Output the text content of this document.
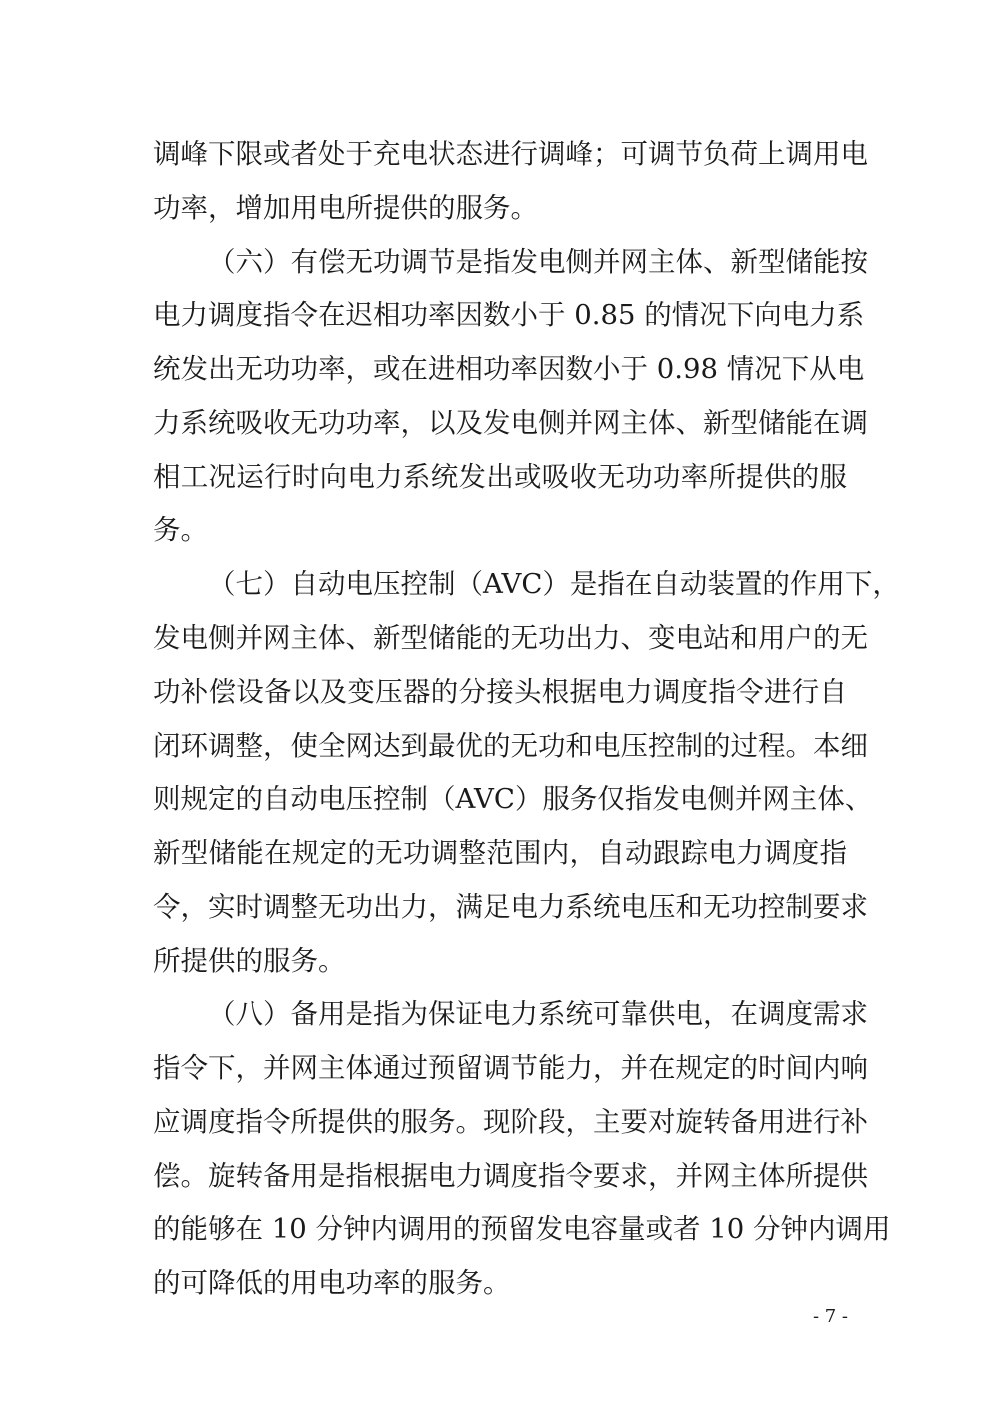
调峰下限或者处于充电状态进行调峰；可调节负荷上调用电
功率，增加用电所提供的服务。
（六）有偿无功调节是指发电侧并网主体、新型储能按
电力调度指令在迟相功率因数小于 0.85 的情况下向电力系
统发出无功功率，或在进相功率因数小于 0.98 情况下从电
力系统吸收无功功率，以及发电侧并网主体、新型储能在调
相工况运行时向电力系统发出或吸收无功功率所提供的服
务。
（七）自动电压控制（AVC）是指在自动装置的作用下，
发电侧并网主体、新型储能的无功出力、变电站和用户的无
功补偿设备以及变压器的分接头根据电力调度指令进行自
闭环调整，使全网达到最优的无功和电压控制的过程。本细
则规定的自动电压控制（AVC）服务仅指发电侧并网主体、
新型储能在规定的无功调整范围内，自动跟踪电力调度指
令，实时调整无功出力，满足电力系统电压和无功控制要求
所提供的服务。
（八）备用是指为保证电力系统可靠供电，在调度需求
指令下，并网主体通过预留调节能力，并在规定的时间内响
应调度指令所提供的服务。现阶段，主要对旋转备用进行补
偿。旋转备用是指根据电力调度指令要求，并网主体所提供
的能够在 10 分钟内调用的预留发电容量或者 10 分钟内调用
的可降低的用电功率的服务。
- 7 -
